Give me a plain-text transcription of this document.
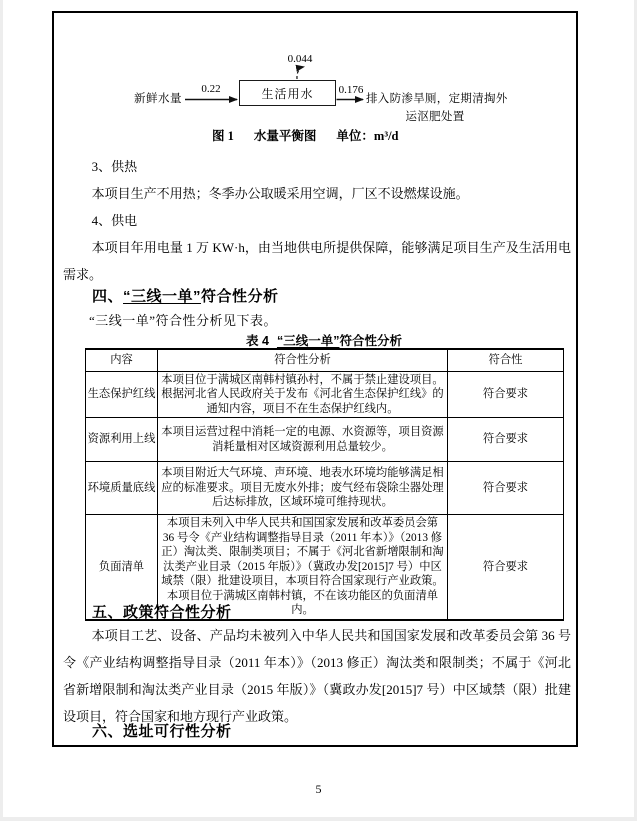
新鲜水量
0.22	生活用水
0.044
0.176
排入防渗旱厕，定期清掏外
运沤肥处置
图 1 水量平衡图 单位：m³/d

3、供热

本项目生产不用热；冬季办公取暖采用空调，厂区不设燃煤设施。

4、供电

本项目年用电量 1 万 KW·h，由当地供电所提供保障，能够满足项目生产及生活用电需求。

四、“三线一单”符合性分析
“三线一单”符合性分析见下表。
表 4 “三线一单”符合性分析
内容	符合性分析	符合性
生态保护红线	本项目位于满城区南韩村镇孙村，不属于禁止建设项目。根据河北省人民政府关于发布《河北省生态保护红线》的通知内容，项目不在生态保护红线内。	符合要求
资源利用上线	本项目运营过程中消耗一定的电源、水资源等，项目资源消耗量相对区域资源利用总量较少。	符合要求
环境质量底线	本项目附近大气环境、声环境、地表水环境均能够满足相应的标准要求。项目无废水外排；废气经布袋除尘器处理后达标排放，区域环境可维持现状。	符合要求
负面清单	本项目未列入中华人民共和国国家发展和改革委员会第 36 号令《产业结构调整指导目录（2011 年本）》（2013 修正）淘汰类、限制类项目；不属于《河北省新增限制和淘汰类产业目录（2015 年版）》（冀政办发[2015]7 号）中区域禁（限）批建设项目，本项目符合国家现行产业政策。本项目位于满城区南韩村镇，不在该功能区的负面清单内。	符合要求
五、政策符合性分析

本项目工艺、设备、产品均未被列入中华人民共和国国家发展和改革委员会第 36 号令《产业结构调整指导目录（2011 年本）》（2013 修正）淘汰类和限制类；不属于《河北省新增限制和淘汰类产业目录（2015 年版）》（冀政办发[2015]7 号）中区域禁（限）批建设项目，符合国家和地方现行产业政策。

六、选址可行性分析
5
